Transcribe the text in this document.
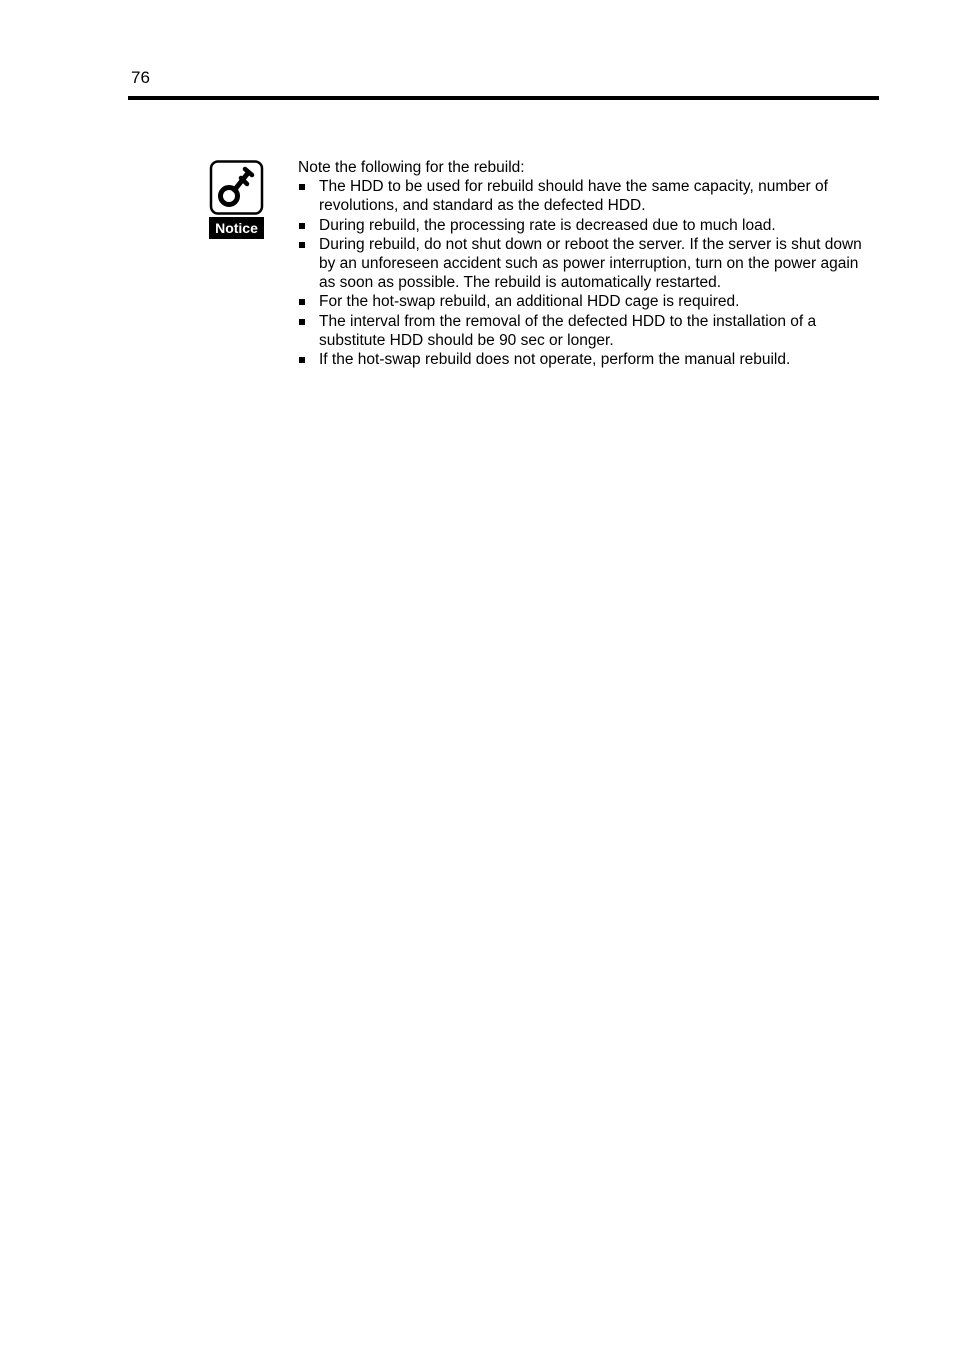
76
Notice

Note the following for the rebuild:

The HDD to be used for rebuild should have the same capacity, number of revolutions, and standard as the defected HDD.
During rebuild, the processing rate is decreased due to much load.
During rebuild, do not shut down or reboot the server. If the server is shut down by an unforeseen accident such as power interruption, turn on the power again as soon as possible. The rebuild is automatically restarted.
For the hot-swap rebuild, an additional HDD cage is required.
The interval from the removal of the defected HDD to the installation of a substitute HDD should be 90 sec or longer.
If the hot-swap rebuild does not operate, perform the manual rebuild.
